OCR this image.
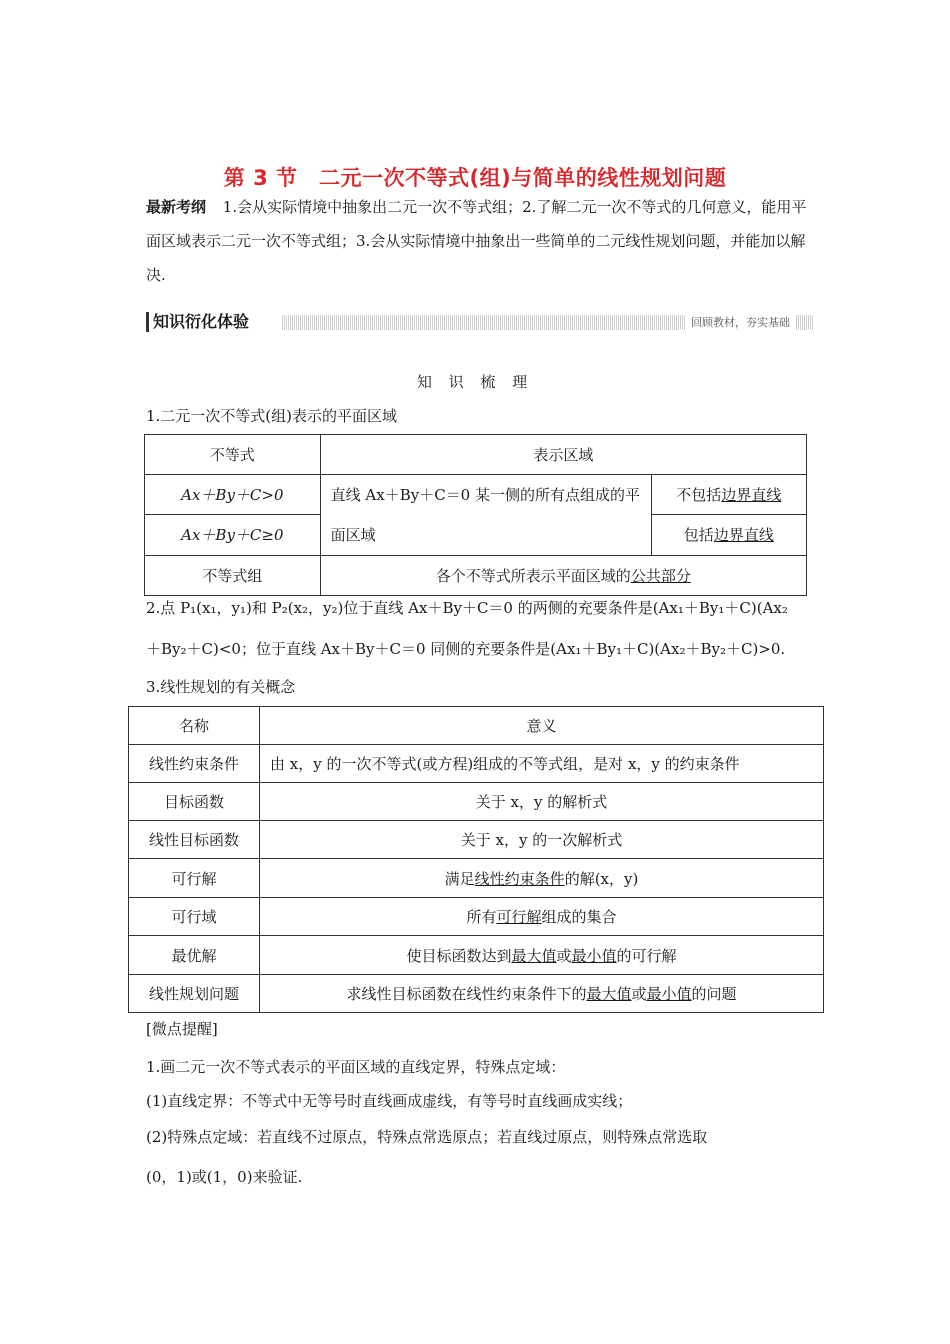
第 3 节　二元一次不等式(组)与简单的线性规划问题
最新考纲 1.会从实际情境中抽象出二元一次不等式组；2.了解二元一次不等式的几何意义，能用平面区域表示二元一次不等式组；3.会从实际情境中抽象出一些简单的二元线性规划问题，并能加以解决.
知识衍化体验	回顾教材，夯实基础
知 识 梳 理
1.二元一次不等式(组)表示的平面区域
不等式	表示区域	
Ax＋By＋C>0	直线 Ax＋By＋C＝0 某一侧的所有点组成的平面区域	不包括边界直线
Ax＋By＋C≥0		包括边界直线
不等式组	各个不等式所表示平面区域的公共部分	
2.点 P₁(x₁，y₁)和 P₂(x₂，y₂)位于直线 Ax＋By＋C＝0 的两侧的充要条件是(Ax₁＋By₁＋C)(Ax₂
＋By₂＋C)<0；位于直线 Ax＋By＋C＝0 同侧的充要条件是(Ax₁＋By₁＋C)(Ax₂＋By₂＋C)>0.
3.线性规划的有关概念
名称	意义
线性约束条件	由 x，y 的一次不等式(或方程)组成的不等式组，是对 x，y 的约束条件
目标函数	关于 x，y 的解析式
线性目标函数	关于 x，y 的一次解析式
可行解	满足线性约束条件的解(x，y)
可行域	所有可行解组成的集合
最优解	使目标函数达到最大值或最小值的可行解
线性规划问题	求线性目标函数在线性约束条件下的最大值或最小值的问题
[微点提醒]
1.画二元一次不等式表示的平面区域的直线定界，特殊点定域：
(1)直线定界：不等式中无等号时直线画成虚线，有等号时直线画成实线；
(2)特殊点定域：若直线不过原点，特殊点常选原点；若直线过原点，则特殊点常选取
(0，1)或(1，0)来验证.
